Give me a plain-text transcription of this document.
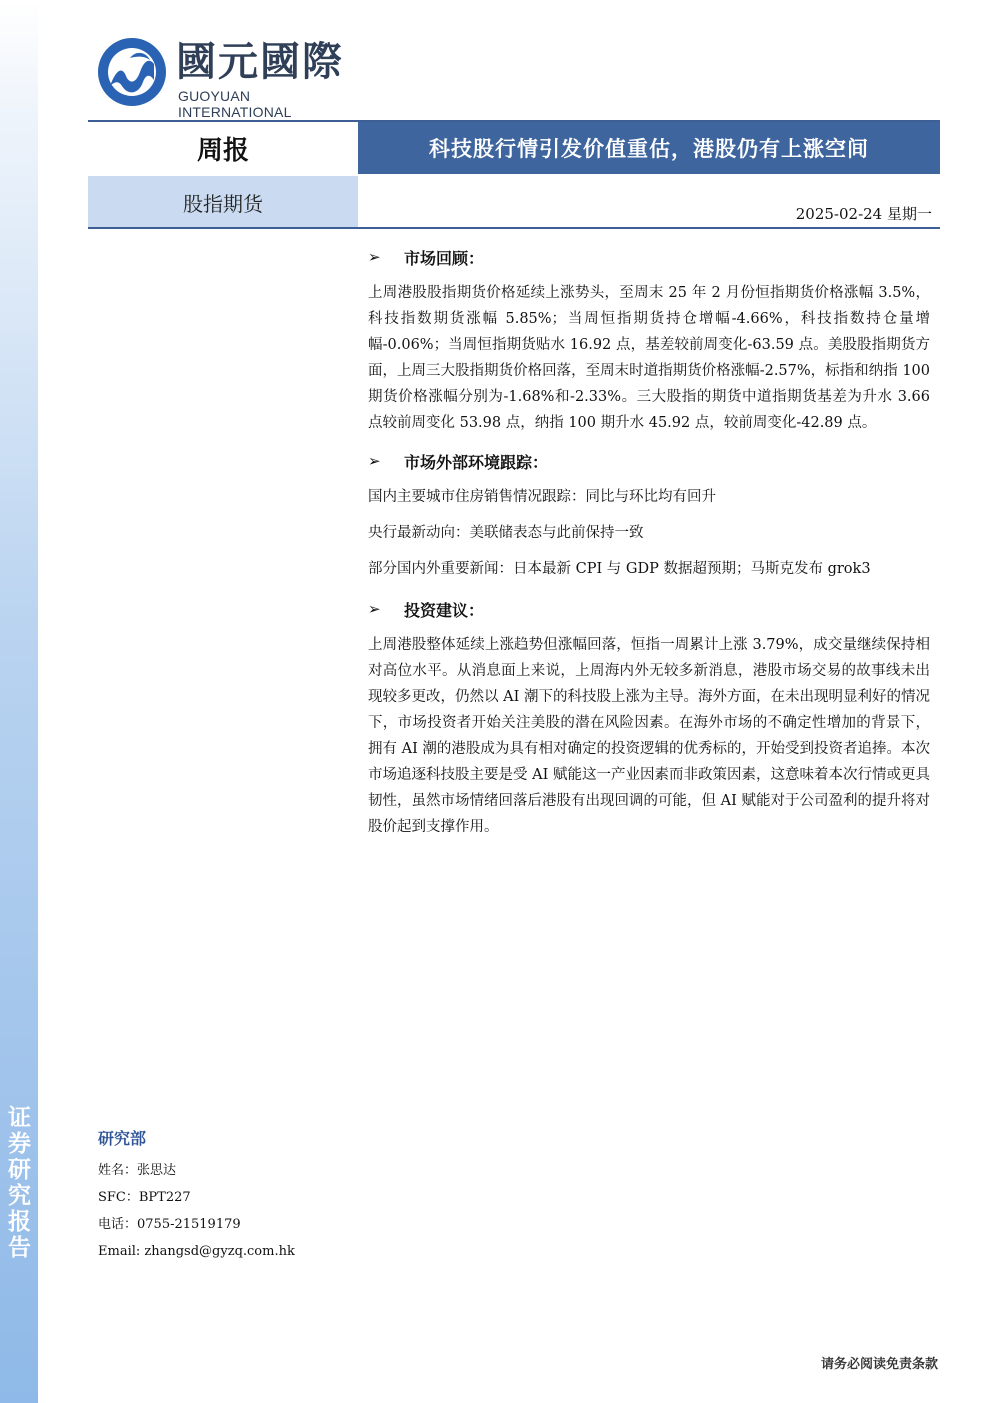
证券研究报告
國元國際
GUOYUAN INTERNATIONAL
周报	科技股行情引发价值重估，港股仍有上涨空间
股指期货	2025-02-24 星期一
➢	市场回顾：
上周港股股指期货价格延续上涨势头，至周末 25 年 2 月份恒指期货价格涨幅 3.5%，科技指数期货涨幅 5.85%；当周恒指期货持仓增幅-4.66%，科技指数持仓量增幅-0.06%；当周恒指期货贴水 16.92 点，基差较前周变化-63.59 点。美股股指期货方面，上周三大股指期货价格回落，至周末时道指期货价格涨幅-2.57%，标指和纳指 100 期货价格涨幅分别为-1.68%和-2.33%。三大股指的期货中道指期货基差为升水 3.66 点较前周变化 53.98 点，纳指 100 期升水 45.92 点，较前周变化-42.89 点。
➢	市场外部环境跟踪：
国内主要城市住房销售情况跟踪：同比与环比均有回升
央行最新动向：美联储表态与此前保持一致
部分国内外重要新闻：日本最新 CPI 与 GDP 数据超预期；马斯克发布 grok3
➢	投资建议：
上周港股整体延续上涨趋势但涨幅回落，恒指一周累计上涨 3.79%，成交量继续保持相对高位水平。从消息面上来说，上周海内外无较多新消息，港股市场交易的故事线未出现较多更改，仍然以 AI 潮下的科技股上涨为主导。海外方面，在未出现明显利好的情况下，市场投资者开始关注美股的潜在风险因素。在海外市场的不确定性增加的背景下，拥有 AI 潮的港股成为具有相对确定的投资逻辑的优秀标的，开始受到投资者追捧。本次市场追逐科技股主要是受 AI 赋能这一产业因素而非政策因素，这意味着本次行情或更具韧性，虽然市场情绪回落后港股有出现回调的可能，但 AI 赋能对于公司盈利的提升将对股价起到支撑作用。
研究部
姓名：张思达
SFC：BPT227
电话：0755-21519179
Email: zhangsd@gyzq.com.hk
请务必阅读免责条款
